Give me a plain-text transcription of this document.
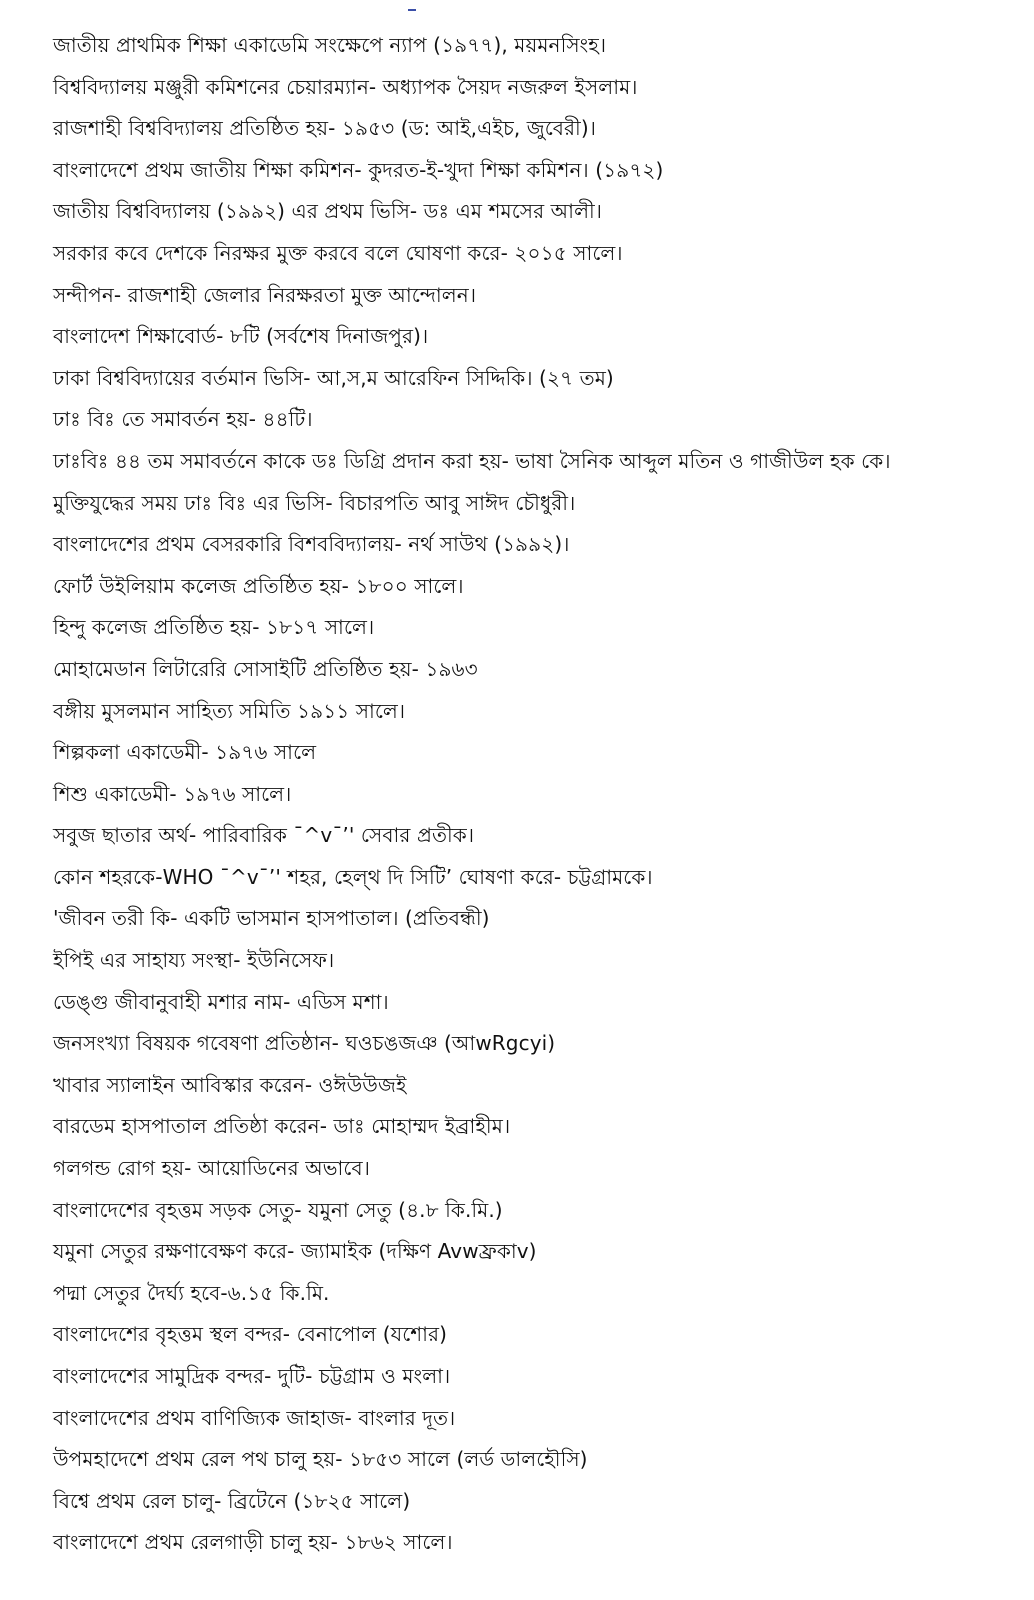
জাতীয় প্রাথমিক শিক্ষা একাডেমি সংক্ষেপে ন্যাপ (১৯৭৭), ময়মনসিংহ।
বিশ্ববিদ্যালয় মঞ্জুরী কমিশনের চেয়ারম্যান- অধ্যাপক সৈয়দ নজরুল ইসলাম।
রাজশাহী বিশ্ববিদ্যালয় প্রতিষ্ঠিত হয়- ১৯৫৩ (ড: আই,এইচ, জুবেরী)।
বাংলাদেশে প্রথম জাতীয় শিক্ষা কমিশন- কুদরত-ই-খুদা শিক্ষা কমিশন। (১৯৭২)
জাতীয় বিশ্ববিদ্যালয় (১৯৯২) এর প্রথম ভিসি- ডঃ এম শমসের আলী।
সরকার কবে দেশকে নিরক্ষর মুক্ত করবে বলে ঘোষণা করে- ২০১৫ সালে।
সন্দীপন- রাজশাহী জেলার নিরক্ষরতা মুক্ত আন্দোলন।
বাংলাদেশ শিক্ষাবোর্ড- ৮টি (সর্বশেষ দিনাজপুর)।
ঢাকা বিশ্ববিদ্যায়ের বর্তমান ভিসি- আ,স,ম আরেফিন সিদ্দিকি। (২৭ তম)
ঢাঃ বিঃ তে সমাবর্তন হয়- ৪৪টি।
ঢাঃবিঃ ৪৪ তম সমাবর্তনে কাকে ডঃ ডিগ্রি প্রদান করা হয়- ভাষা সৈনিক আব্দুল মতিন ও গাজীউল হক কে।
মুক্তিযুদ্ধের সময় ঢাঃ বিঃ এর ভিসি- বিচারপতি আবু সাঈদ চৌধুরী।
বাংলাদেশের প্রথম বেসরকারি বিশববিদ্যালয়- নর্থ সাউথ (১৯৯২)।
ফোর্ট উইলিয়াম কলেজ প্রতিষ্ঠিত হয়- ১৮০০ সালে।
হিন্দু কলেজ প্রতিষ্ঠিত হয়- ১৮১৭ সালে।
মোহামেডান লিটারেরি সোসাইটি প্রতিষ্ঠিত হয়- ১৯৬৩
বঙ্গীয় মুসলমান সাহিত্য সমিতি ১৯১১ সালে।
শিল্পকলা একাডেমী- ১৯৭৬ সালে
শিশু একাডেমী- ১৯৭৬ সালে।
সবুজ ছাতার অর্থ- পারিবারিক ¯^v¯’' সেবার প্রতীক।
কোন শহরকে-WHO ¯^v¯’' শহর, হেল্থ দি সিটি’ ঘোষণা করে- চট্টগ্রামকে।
'জীবন তরী কি- একটি ভাসমান হাসপাতাল। (প্রতিবন্ধী)
ইপিই এর সাহায্য সংস্থা- ইউনিসেফ।
ডেঙ্গু জীবানুবাহী মশার নাম- এডিস মশা।
জনসংখ্যা বিষয়ক গবেষণা প্রতিষ্ঠান- ঘওচঙজঞ (আwRgcyi)
খাবার স্যালাইন আবিস্কার করেন- ওঈউউজই
বারডেম হাসপাতাল প্রতিষ্ঠা করেন- ডাঃ মোহাম্মদ ইব্রাহীম।
গলগন্ড রোগ হয়- আয়োডিনের অভাবে।
বাংলাদেশের বৃহত্তম সড়ক সেতু- যমুনা সেতু (৪.৮ কি.মি.)
যমুনা সেতুর রক্ষণাবেক্ষণ করে- জ্যামাইক (দক্ষিণ Avwফ্রকাv)
পদ্মা সেতুর দৈর্ঘ্য হবে-৬.১৫ কি.মি.
বাংলাদেশের বৃহত্তম স্থল বন্দর- বেনাপোল (যশোর)
বাংলাদেশের সামুদ্রিক বন্দর- দুটি- চট্টগ্রাম ও মংলা।
বাংলাদেশের প্রথম বাণিজ্যিক জাহাজ- বাংলার দূত।
উপমহাদেশে প্রথম রেল পথ চালু হয়- ১৮৫৩ সালে (লর্ড ডালহৌসি)
বিশ্বে প্রথম রেল চালু- ব্রিটেনে (১৮২৫ সালে)
বাংলাদেশে প্রথম রেলগাড়ী চালু হয়- ১৮৬২ সালে।
